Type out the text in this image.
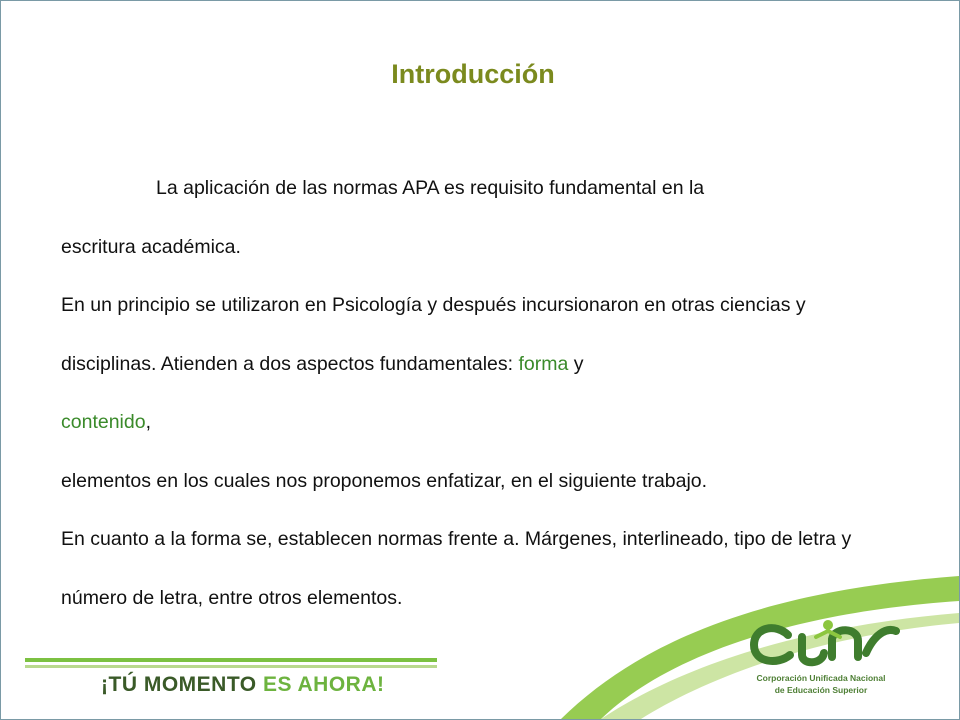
Introducción

La aplicación de las normas APA es requisito fundamental en la

escritura académica.

En un principio se utilizaron en Psicología y después incursionaron en otras ciencias y disciplinas. Atienden a dos aspectos fundamentales: forma y
contenido,

elementos en los cuales nos proponemos enfatizar, en el siguiente trabajo.

En cuanto a la forma se, establecen normas frente a. Márgenes, interlineado, tipo de letra y número de letra, entre otros elementos.

¡TÚ MOMENTO ES AHORA!	Corporación Unificada Nacional
de Educación Superior
